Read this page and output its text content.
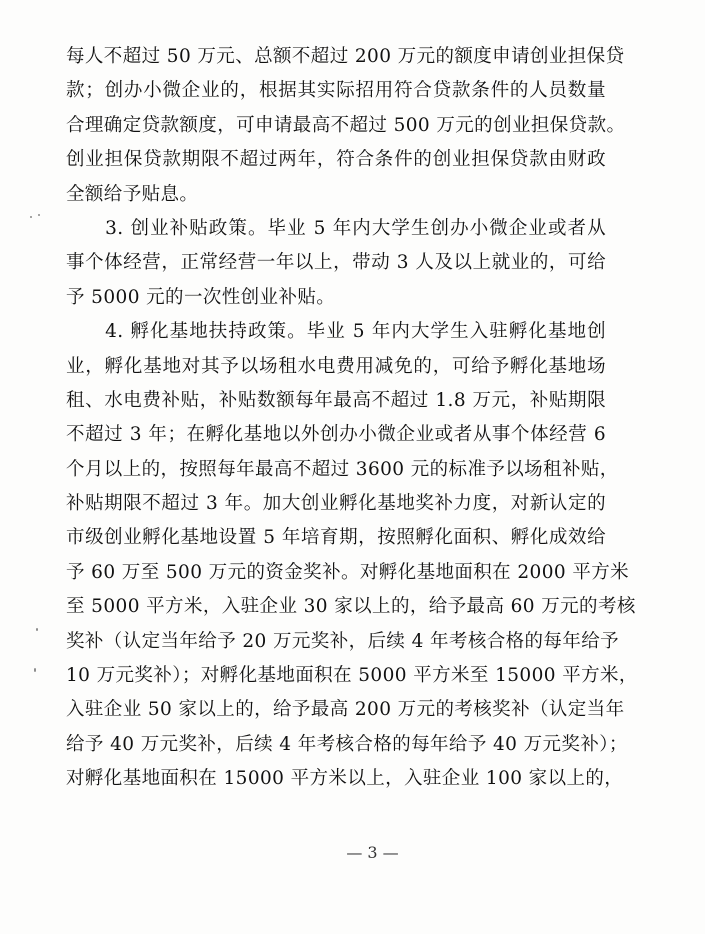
每人不超过 50 万元、总额不超过 200 万元的额度申请创业担保贷
款；创办小微企业的，根据其实际招用符合贷款条件的人员数量
合理确定贷款额度，可申请最高不超过 500 万元的创业担保贷款。
创业担保贷款期限不超过两年，符合条件的创业担保贷款由财政
全额给予贴息。
　　3. 创业补贴政策。毕业 5 年内大学生创办小微企业或者从
事个体经营，正常经营一年以上，带动 3 人及以上就业的，可给
予 5000 元的一次性创业补贴。
　　4. 孵化基地扶持政策。毕业 5 年内大学生入驻孵化基地创
业，孵化基地对其予以场租水电费用减免的，可给予孵化基地场
租、水电费补贴，补贴数额每年最高不超过 1.8 万元，补贴期限
不超过 3 年；在孵化基地以外创办小微企业或者从事个体经营 6
个月以上的，按照每年最高不超过 3600 元的标准予以场租补贴，
补贴期限不超过 3 年。加大创业孵化基地奖补力度，对新认定的
市级创业孵化基地设置 5 年培育期，按照孵化面积、孵化成效给
予 60 万至 500 万元的资金奖补。对孵化基地面积在 2000 平方米
至 5000 平方米，入驻企业 30 家以上的，给予最高 60 万元的考核
奖补（认定当年给予 20 万元奖补，后续 4 年考核合格的每年给予
10 万元奖补）；对孵化基地面积在 5000 平方米至 15000 平方米，
入驻企业 50 家以上的，给予最高 200 万元的考核奖补（认定当年
给予 40 万元奖补，后续 4 年考核合格的每年给予 40 万元奖补）；
对孵化基地面积在 15000 平方米以上，入驻企业 100 家以上的，
— 3 —
